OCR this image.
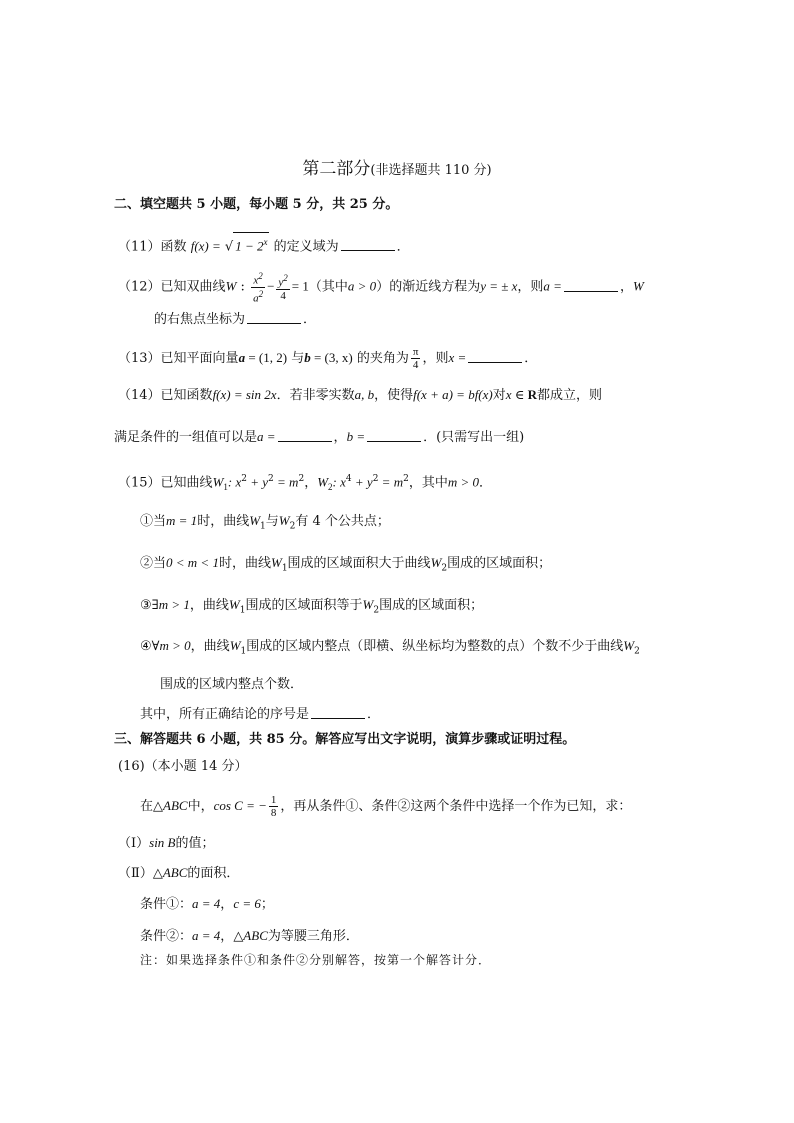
第二部分(非选择题共 110 分)
二、填空题共 5 小题，每小题 5 分，共 25 分。
（11）函数 f(x) = √ $1 - 2^x$ 的定义域为	．
（12）已知双曲线W : $\frac{x^2}{a^2} - \frac{y^2}{4} = 1$（其中a > 0）的渐近线方程为y = ± x，则a =	，W
的右焦点坐标为	．
（13）已知平面向量a = (1, 2) 与b = (3, x) 的夹角为 $\frac{\pi}{4}$ ，则x =	．
（14）已知函数f(x) = sin 2x．若非零实数a, b，使得f(x + a) = bf(x)对x ∈ R都成立，则
满足条件的一组值可以是a =	，b =	．(只需写出一组)
（15）已知曲线$W_1$: $x^2 + y^2 = m^2$，$W_2$: $x^4 + y^2 = m^2$，其中m > 0．
①当m = 1时，曲线$W_1$与$W_2$有 4 个公共点；
②当0 < m < 1时，曲线$W_1$围成的区域面积大于曲线$W_2$围成的区域面积；
③∃m > 1，曲线$W_1$围成的区域面积等于$W_2$围成的区域面积；
④∀m > 0，曲线$W_1$围成的区域内整点（即横、纵坐标均为整数的点）个数不少于曲线$W_2$
围成的区域内整点个数．
其中，所有正确结论的序号是	．
三、解答题共 6 小题，共 85 分。解答应写出文字说明，演算步骤或证明过程。
(16)（本小题 14 分）
在△ABC中，cos C = − $\frac{1}{8}$ ，再从条件①、条件②这两个条件中选择一个作为已知，求：
（Ⅰ）sin B的值；
（Ⅱ）△ABC的面积．
条件①：a = 4，c = 6；
条件②：a = 4，△ABC为等腰三角形．
注：如果选择条件①和条件②分别解答，按第一个解答计分．
